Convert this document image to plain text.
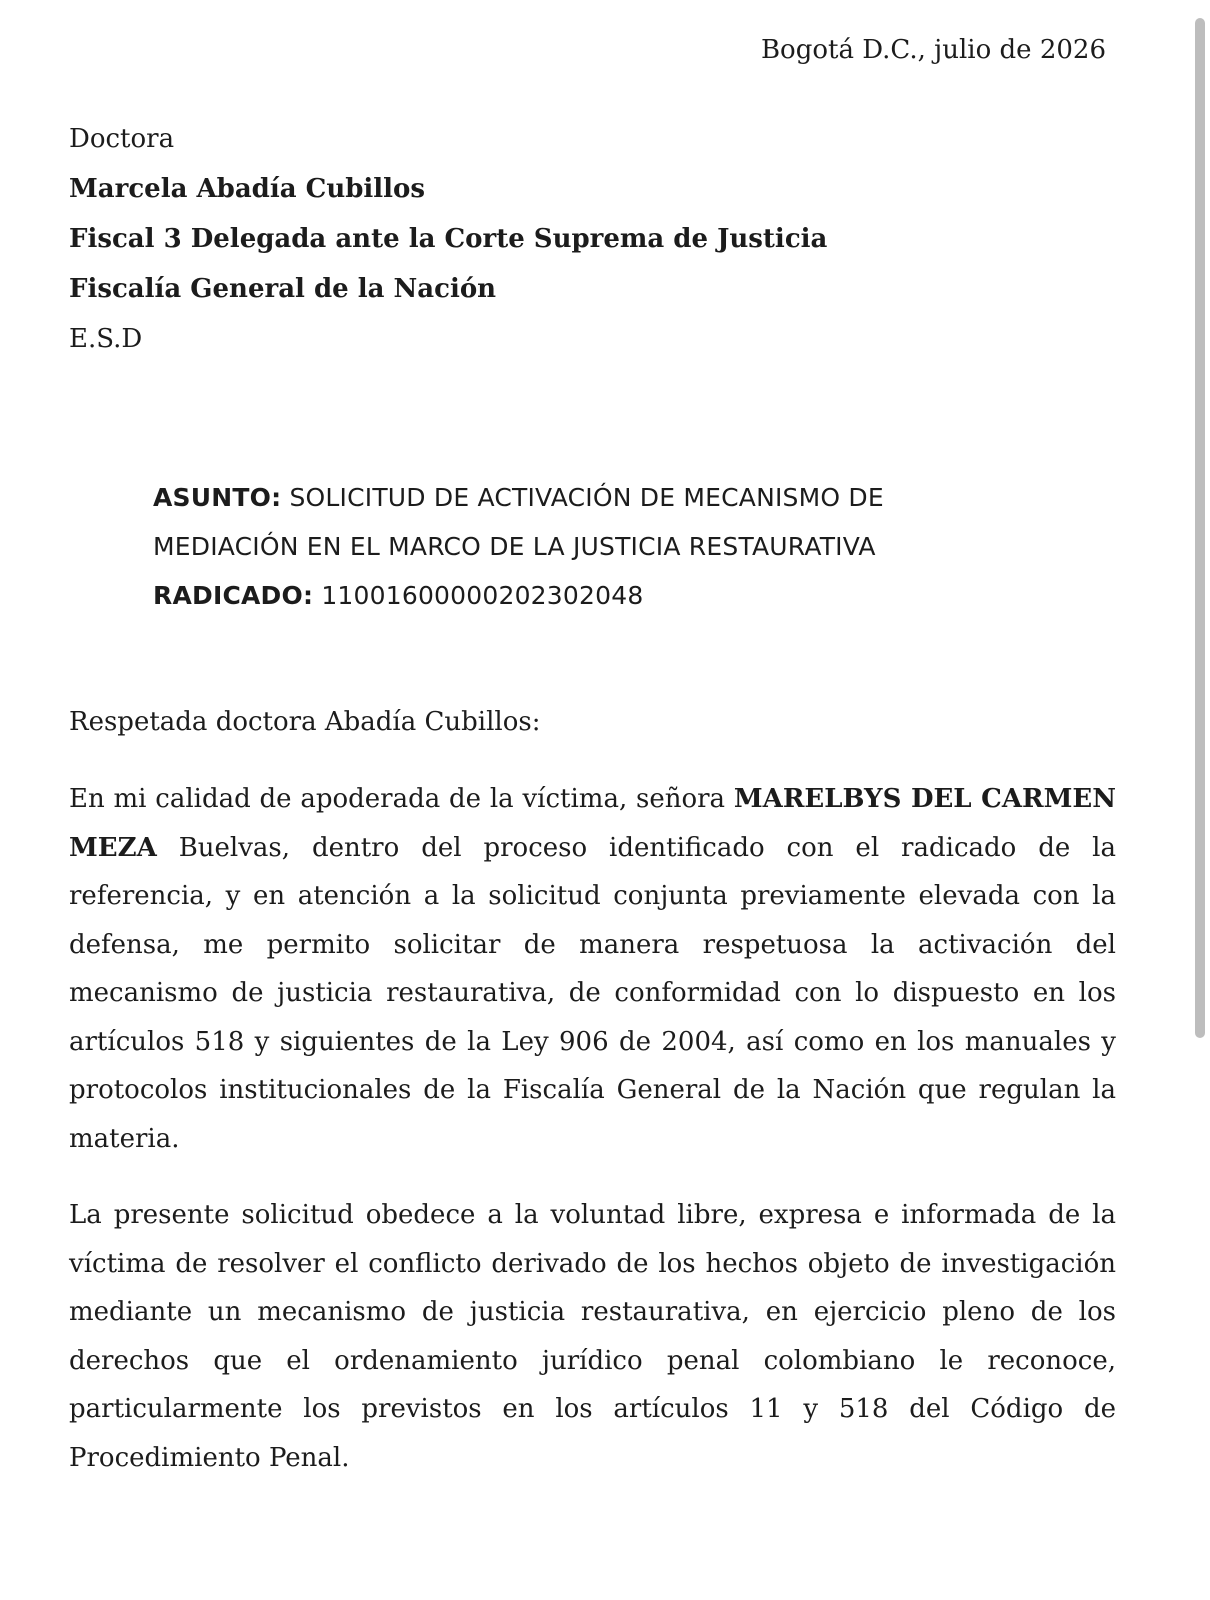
Bogotá D.C., julio de 2026
Doctora
Marcela Abadía Cubillos
Fiscal 3 Delegada ante la Corte Suprema de Justicia
Fiscalía General de la Nación
E.S.D
ASUNTO: SOLICITUD DE ACTIVACIÓN DE MECANISMO DE
MEDIACIÓN EN EL MARCO DE LA JUSTICIA RESTAURATIVA
RADICADO: 11001600000202302048
Respetada doctora Abadía Cubillos:

En mi calidad de apoderada de la víctima, señora MARELBYS DEL CARMEN MEZA Buelvas, dentro del proceso identificado con el radicado de la referencia, y en atención a la solicitud conjunta previamente elevada con la defensa, me permito solicitar de manera respetuosa la activación del mecanismo de justicia restaurativa, de conformidad con lo dispuesto en los artículos 518 y siguientes de la Ley 906 de 2004, así como en los manuales y protocolos institucionales de la Fiscalía General de la Nación que regulan la materia.

La presente solicitud obedece a la voluntad libre, expresa e informada de la víctima de resolver el conflicto derivado de los hechos objeto de investigación mediante un mecanismo de justicia restaurativa, en ejercicio pleno de los derechos que el ordenamiento jurídico penal colombiano le reconoce, particularmente los previstos en los artículos 11 y 518 del Código de Procedimiento Penal.
